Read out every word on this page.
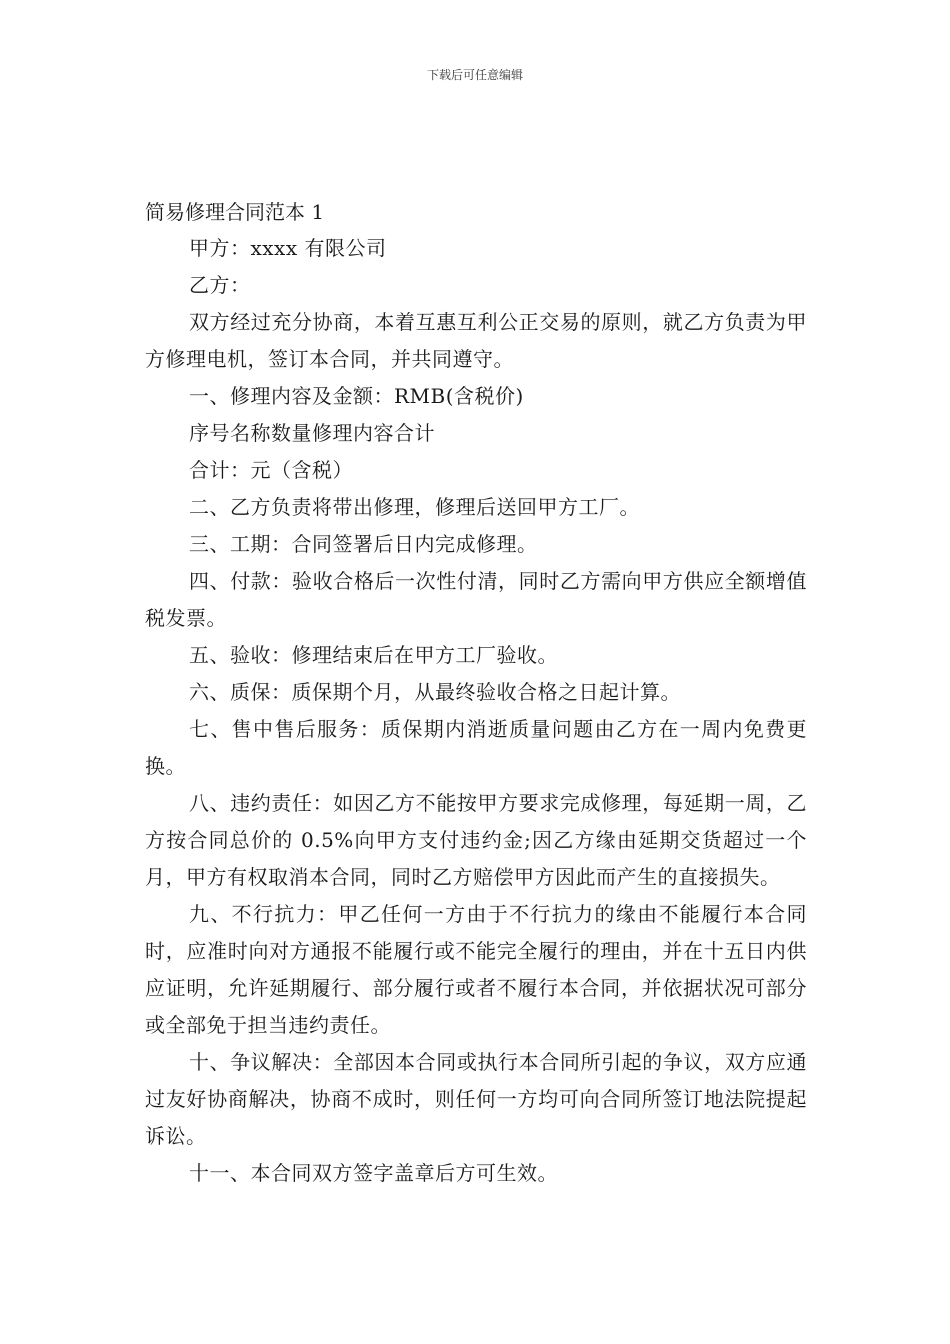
下载后可任意编辑
简易修理合同范本 1

甲方：xxxx 有限公司

乙方：

双方经过充分协商，本着互惠互利公正交易的原则，就乙方负责为甲方修理电机，签订本合同，并共同遵守。

一、修理内容及金额：RMB(含税价)

序号名称数量修理内容合计

合计：元（含税）

二、乙方负责将带出修理，修理后送回甲方工厂。

三、工期：合同签署后日内完成修理。

四、付款：验收合格后一次性付清，同时乙方需向甲方供应全额增值税发票。

五、验收：修理结束后在甲方工厂验收。

六、质保：质保期个月，从最终验收合格之日起计算。

七、售中售后服务：质保期内消逝质量问题由乙方在一周内免费更换。

八、违约责任：如因乙方不能按甲方要求完成修理，每延期一周，乙方按合同总价的 0.5%向甲方支付违约金;因乙方缘由延期交货超过一个月，甲方有权取消本合同，同时乙方赔偿甲方因此而产生的直接损失。

九、不行抗力：甲乙任何一方由于不行抗力的缘由不能履行本合同时，应准时向对方通报不能履行或不能完全履行的理由，并在十五日内供应证明，允许延期履行、部分履行或者不履行本合同，并依据状况可部分或全部免于担当违约责任。

十、争议解决：全部因本合同或执行本合同所引起的争议，双方应通过友好协商解决，协商不成时，则任何一方均可向合同所签订地法院提起诉讼。

十一、本合同双方签字盖章后方可生效。
